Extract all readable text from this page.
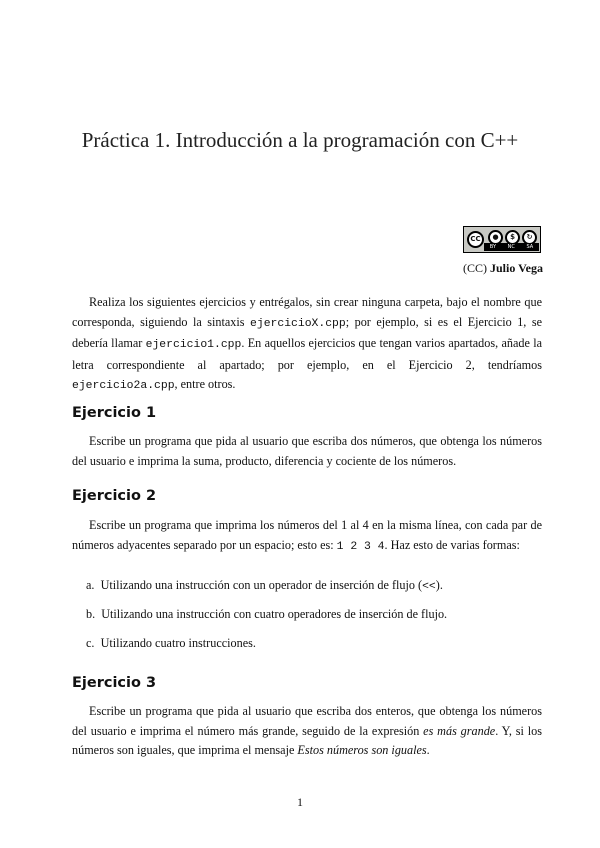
Práctica 1. Introducción a la programación con C++
CC	●	$	↻
BY NC SA
(CC) Julio Vega

Realiza los siguientes ejercicios y entrégalos, sin crear ninguna carpeta, bajo el nombre que corresponda, siguiendo la sintaxis ejercicioX.cpp; por ejemplo, si es el Ejercicio 1, se debería llamar ejercicio1.cpp. En aquellos ejercicios que tengan varios apartados, añade la letra correspondiente al apartado; por ejemplo, en el Ejercicio 2, tendríamos ejercicio2a.cpp, entre otros.

Ejercicio 1

Escribe un programa que pida al usuario que escriba dos números, que obtenga los números del usuario e imprima la suma, producto, diferencia y cociente de los números.

Ejercicio 2

Escribe un programa que imprima los números del 1 al 4 en la misma línea, con cada par de números adyacentes separado por un espacio; esto es: 1 2 3 4. Haz esto de varias formas:

a. Utilizando una instrucción con un operador de inserción de flujo (<<).
b. Utilizando una instrucción con cuatro operadores de inserción de flujo.
c. Utilizando cuatro instrucciones.
Ejercicio 3

Escribe un programa que pida al usuario que escriba dos enteros, que obtenga los números del usuario e imprima el número más grande, seguido de la expresión es más grande. Y, si los números son iguales, que imprima el mensaje Estos números son iguales.

1
